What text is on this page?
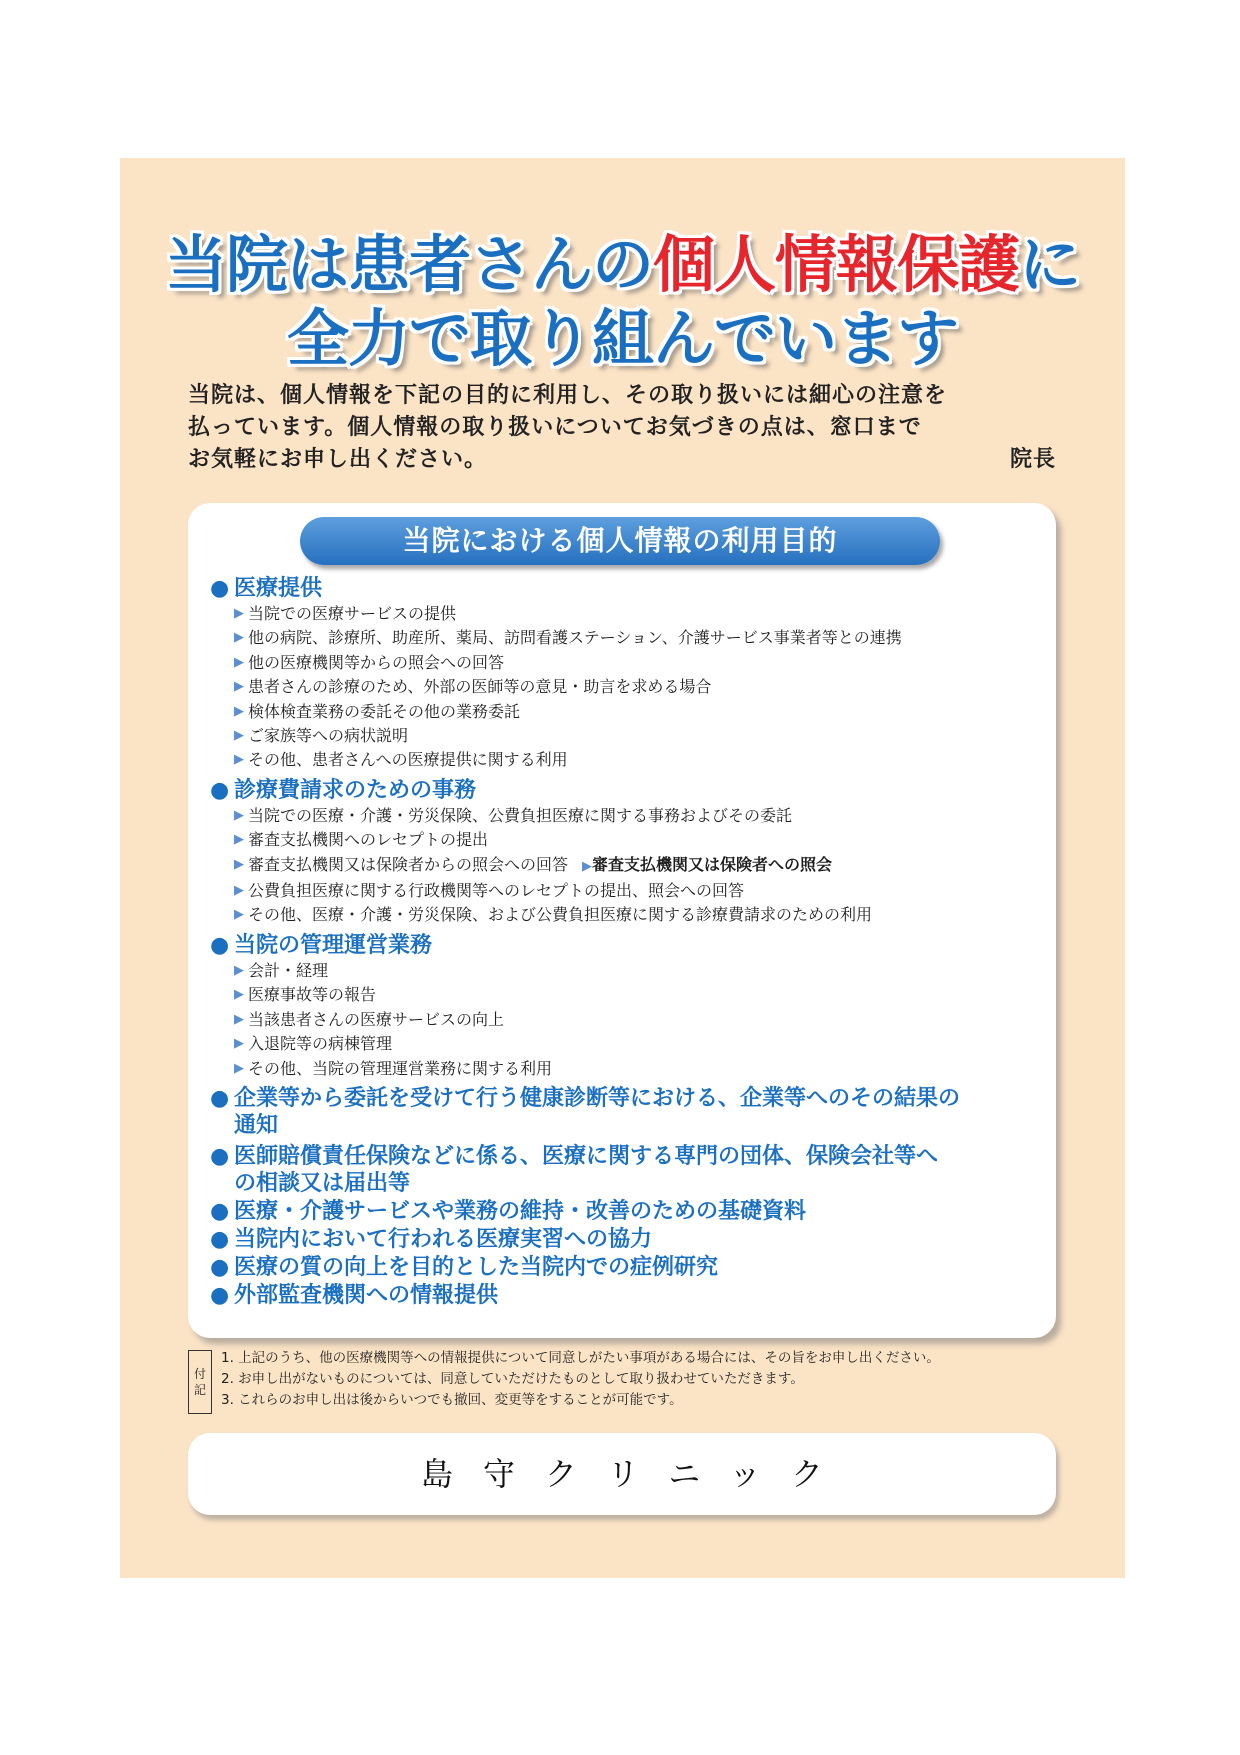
当院は患者さんの個人情報保護に
全力で取り組んでいます

当院は、個人情報を下記の目的に利用し、その取り扱いには細心の注意を

払っています。個人情報の取り扱いについてお気づきの点は、窓口まで

お気軽にお申し出ください。	院長
当院における個人情報の利用目的
● 医療提供
▶ 当院での医療サービスの提供
▶ 他の病院、診療所、助産所、薬局、訪問看護ステーション、介護サービス事業者等との連携
▶ 他の医療機関等からの照会への回答
▶ 患者さんの診療のため、外部の医師等の意見・助言を求める場合
▶ 検体検査業務の委託その他の業務委託
▶ ご家族等への病状説明
▶ その他、患者さんへの医療提供に関する利用
● 診療費請求のための事務
▶ 当院での医療・介護・労災保険、公費負担医療に関する事務およびその委託
▶ 審査支払機関へのレセプトの提出
▶ 審査支払機関又は保険者からの照会への回答 ▶審査支払機関又は保険者への照会
▶ 公費負担医療に関する行政機関等へのレセプトの提出、照会への回答
▶ その他、医療・介護・労災保険、および公費負担医療に関する診療費請求のための利用
● 当院の管理運営業務
▶ 会計・経理
▶ 医療事故等の報告
▶ 当該患者さんの医療サービスの向上
▶ 入退院等の病棟管理
▶ その他、当院の管理運営業務に関する利用
● 企業等から委託を受けて行う健康診断等における、企業等へのその結果の
通知
● 医師賠償責任保険などに係る、医療に関する専門の団体、保険会社等へ
の相談又は届出等
● 医療・介護サービスや業務の維持・改善のための基礎資料
● 当院内において行われる医療実習への協力
● 医療の質の向上を目的とした当院内での症例研究
● 外部監査機関への情報提供
付
記
1. 上記のうち、他の医療機関等への情報提供について同意しがたい事項がある場合には、その旨をお申し出ください。
2. お申し出がないものについては、同意していただけたものとして取り扱わせていただきます。
3. これらのお申し出は後からいつでも撤回、変更等をすることが可能です。
島守クリニック
